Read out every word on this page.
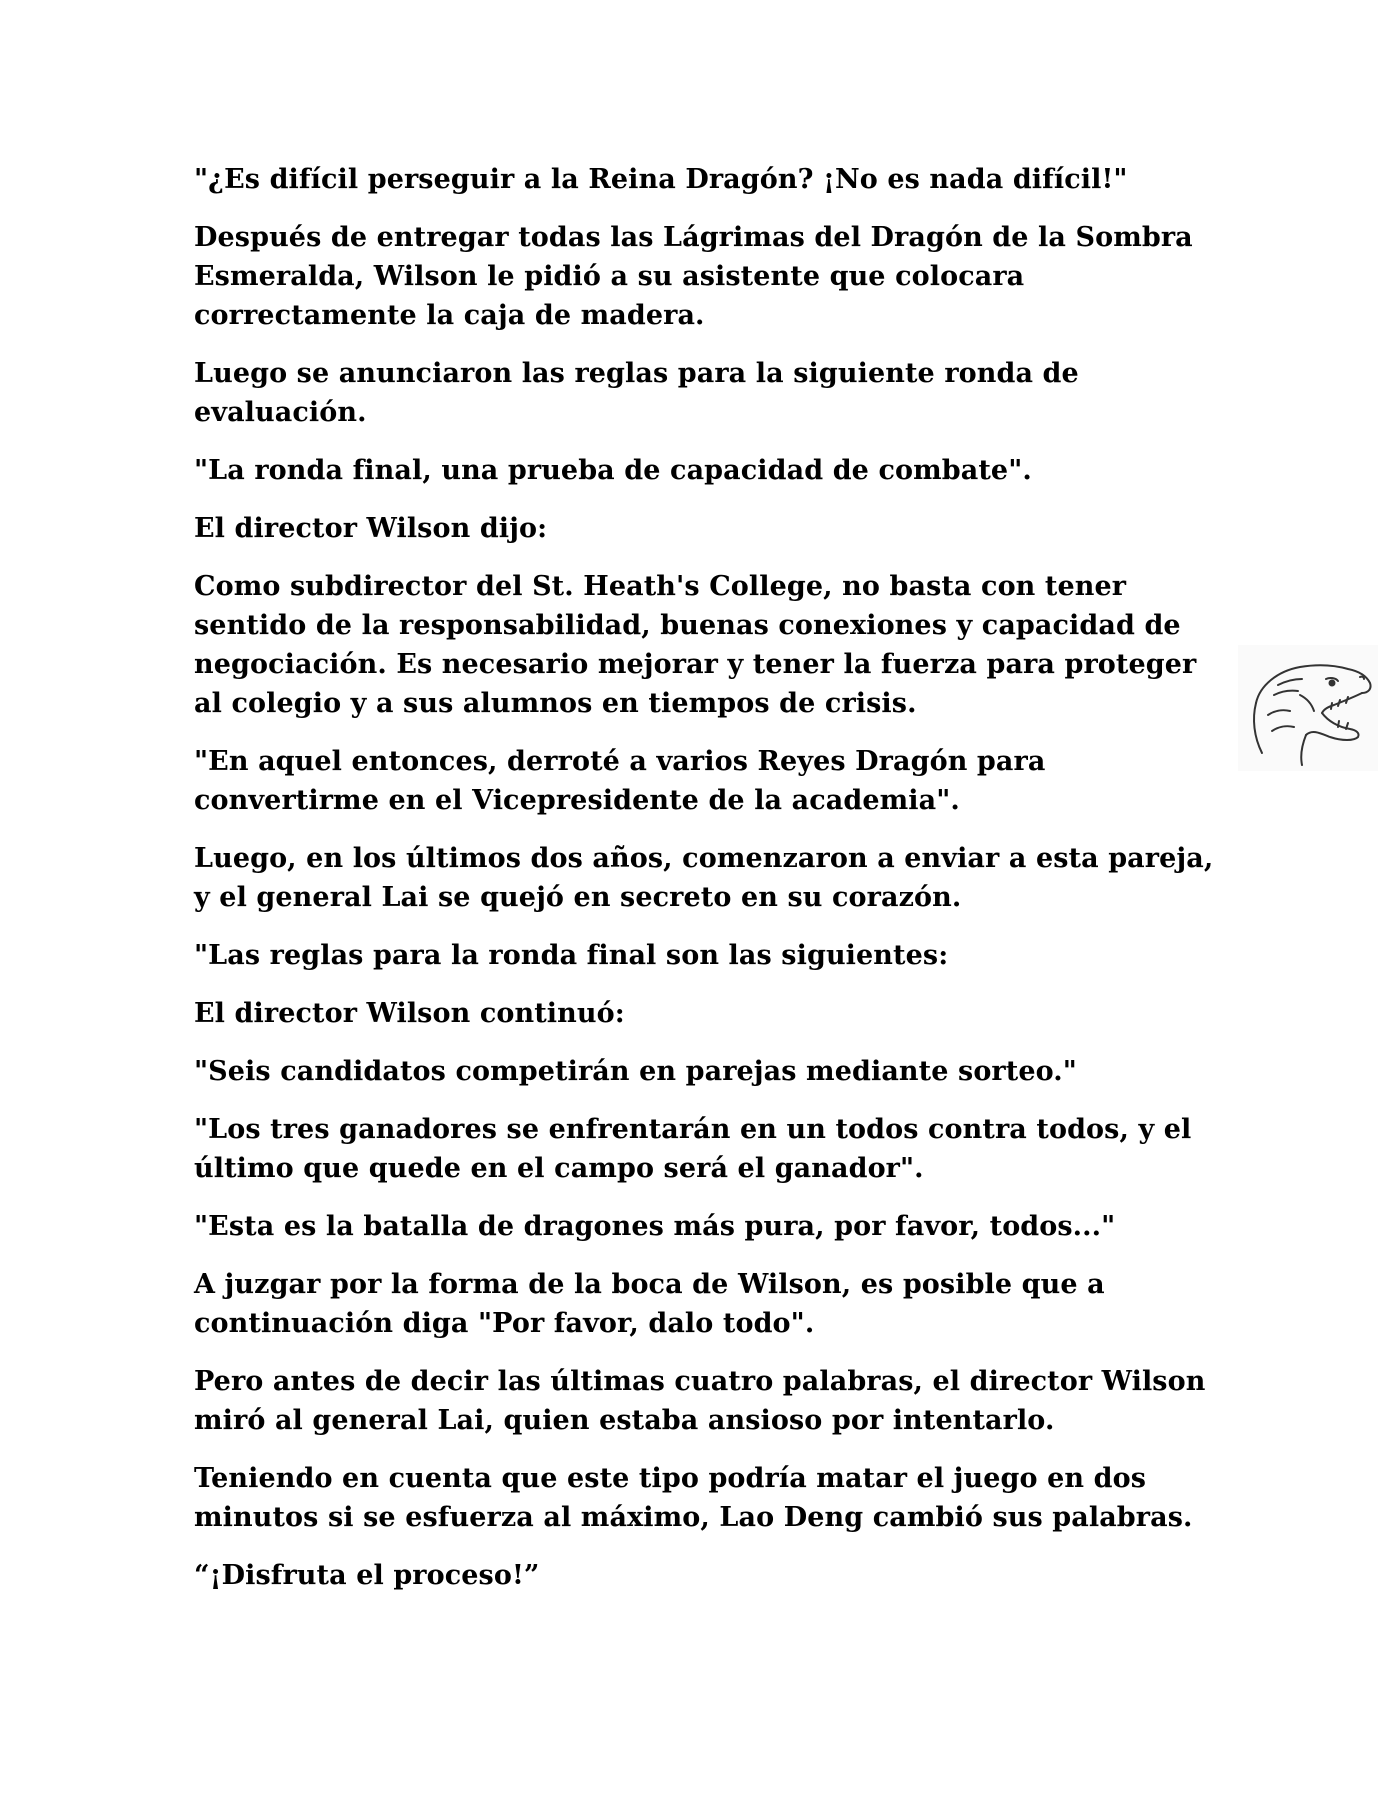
"¿Es difícil perseguir a la Reina Dragón? ¡No es nada difícil!"

Después de entregar todas las Lágrimas del Dragón de la Sombra Esmeralda, Wilson le pidió a su asistente que colocara correctamente la caja de madera.

Luego se anunciaron las reglas para la siguiente ronda de evaluación.

"La ronda final, una prueba de capacidad de combate".

El director Wilson dijo:

Como subdirector del St. Heath's College, no basta con tener sentido de la responsabilidad, buenas conexiones y capacidad de negociación. Es necesario mejorar y tener la fuerza para proteger al colegio y a sus alumnos en tiempos de crisis.

"En aquel entonces, derroté a varios Reyes Dragón para convertirme en el Vicepresidente de la academia".

Luego, en los últimos dos años, comenzaron a enviar a esta pareja, y el general Lai se quejó en secreto en su corazón.

"Las reglas para la ronda final son las siguientes:

El director Wilson continuó:

"Seis candidatos competirán en parejas mediante sorteo."

"Los tres ganadores se enfrentarán en un todos contra todos, y el último que quede en el campo será el ganador".

"Esta es la batalla de dragones más pura, por favor, todos..."

A juzgar por la forma de la boca de Wilson, es posible que a continuación diga "Por favor, dalo todo".

Pero antes de decir las últimas cuatro palabras, el director Wilson miró al general Lai, quien estaba ansioso por intentarlo.

Teniendo en cuenta que este tipo podría matar el juego en dos minutos si se esfuerza al máximo, Lao Deng cambió sus palabras.

“¡Disfruta el proceso!”
